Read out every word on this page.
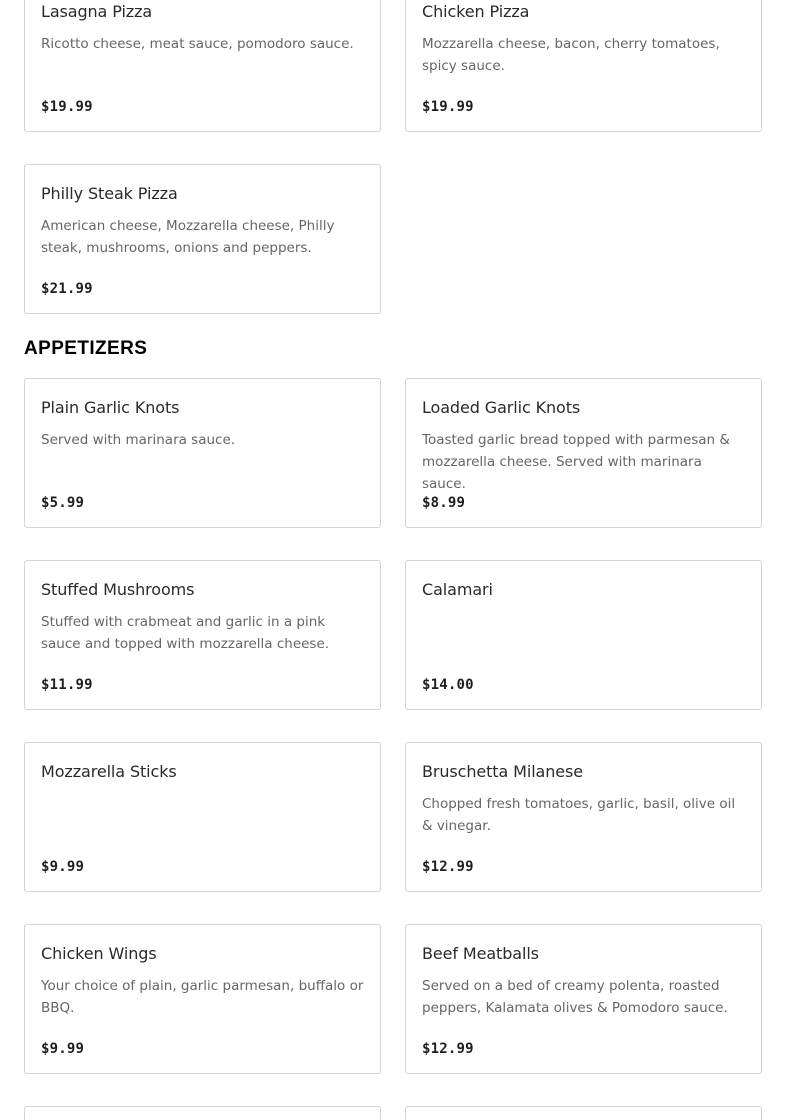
Lasagna Pizza
Ricotto cheese, meat sauce, pomodoro sauce.
$19.99
Chicken Pizza
Mozzarella cheese, bacon, cherry tomatoes, spicy sauce.
$19.99
Philly Steak Pizza
American cheese, Mozzarella cheese, Philly steak, mushrooms, onions and peppers.
$21.99
APPETIZERS
Plain Garlic Knots
Served with marinara sauce.
$5.99
Loaded Garlic Knots
Toasted garlic bread topped with parmesan & mozzarella cheese. Served with marinara sauce.
$8.99
Stuffed Mushrooms
Stuffed with crabmeat and garlic in a pink sauce and topped with mozzarella cheese.
$11.99
Calamari
$14.00
Mozzarella Sticks
$9.99
Bruschetta Milanese
Chopped fresh tomatoes, garlic, basil, olive oil & vinegar.
$12.99
Chicken Wings
Your choice of plain, garlic parmesan, buffalo or BBQ.
$9.99
Beef Meatballs
Served on a bed of creamy polenta, roasted peppers, Kalamata olives & Pomodoro sauce.
$12.99
